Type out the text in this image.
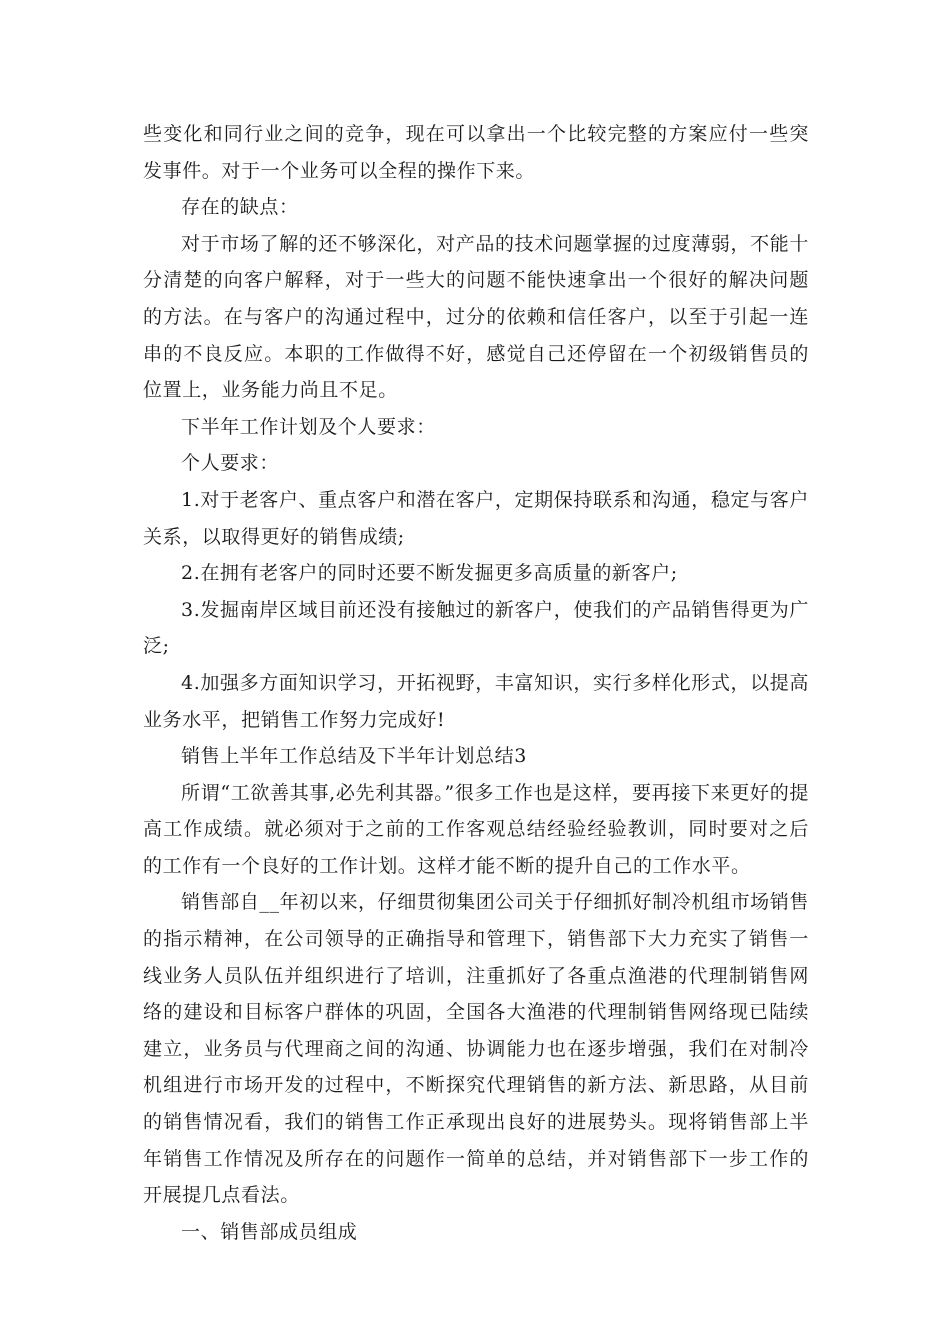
些变化和同行业之间的竞争，现在可以拿出一个比较完整的方案应付一些突发事件。对于一个业务可以全程的操作下来。

存在的缺点：

对于市场了解的还不够深化，对产品的技术问题掌握的过度薄弱，不能十分清楚的向客户解释，对于一些大的问题不能快速拿出一个很好的解决问题的方法。在与客户的沟通过程中，过分的依赖和信任客户，以至于引起一连串的不良反应。本职的工作做得不好，感觉自己还停留在一个初级销售员的位置上，业务能力尚且不足。

下半年工作计划及个人要求：

个人要求：

1.对于老客户、重点客户和潜在客户，定期保持联系和沟通，稳定与客户关系，以取得更好的销售成绩;

2.在拥有老客户的同时还要不断发掘更多高质量的新客户;

3.发掘南岸区域目前还没有接触过的新客户，使我们的产品销售得更为广泛;

4.加强多方面知识学习，开拓视野，丰富知识，实行多样化形式，以提高业务水平，把销售工作努力完成好!

销售上半年工作总结及下半年计划总结3

所谓“工欲善其事,必先利其器。”很多工作也是这样，要再接下来更好的提高工作成绩。就必须对于之前的工作客观总结经验经验教训，同时要对之后的工作有一个良好的工作计划。这样才能不断的提升自己的工作水平。

销售部自__年初以来，仔细贯彻集团公司关于仔细抓好制冷机组市场销售的指示精神，在公司领导的正确指导和管理下，销售部下大力充实了销售一线业务人员队伍并组织进行了培训，注重抓好了各重点渔港的代理制销售网络的建设和目标客户群体的巩固，全国各大渔港的代理制销售网络现已陆续建立，业务员与代理商之间的沟通、协调能力也在逐步增强，我们在对制冷机组进行市场开发的过程中，不断探究代理销售的新方法、新思路，从目前的销售情况看，我们的销售工作正承现出良好的进展势头。现将销售部上半年销售工作情况及所存在的问题作一简单的总结，并对销售部下一步工作的开展提几点看法。

一、销售部成员组成
